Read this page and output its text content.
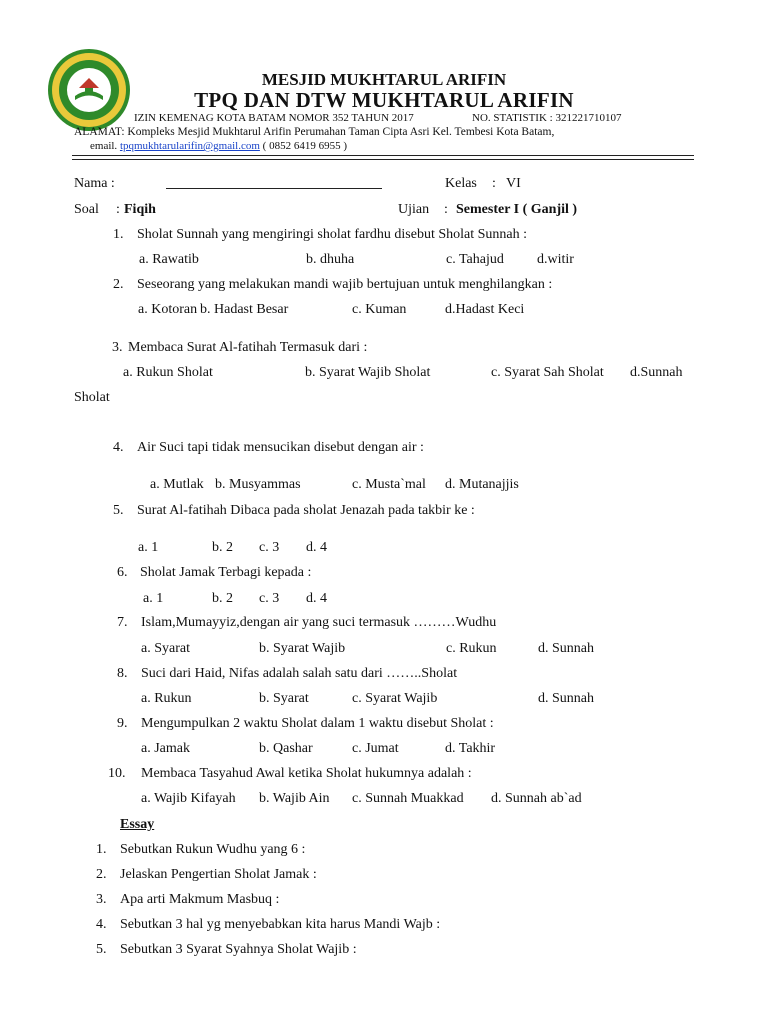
MESJID MUKHTARUL ARIFIN
TPQ DAN DTW MUKHTARUL ARIFIN
IZIN KEMENAG KOTA BATAM NOMOR 352 TAHUN 2017	NO. STATISTIK : 321221710107
ALAMAT: Kompleks Mesjid Mukhtarul Arifin Perumahan Taman Cipta Asri Kel. Tembesi Kota Batam,
email. tpqmukhtarularifin@gmail.com ( 0852 6419 6955 )
Nama :	Kelas : VI
Soal : Fiqih	Ujian : Semester I ( Ganjil )
1. Sholat Sunnah yang mengiringi sholat fardhu disebut Sholat Sunnah :
a. Rawatib	b. dhuha	c. Tahajud d.witir
2. Seseorang yang melakukan mandi wajib bertujuan untuk menghilangkan :
a. Kotoran b. Hadast Besar	c. Kuman	d.Hadast Keci
3. Membaca Surat Al-fatihah Termasuk dari :
a. Rukun Sholat	b. Syarat Wajib Sholat	c. Syarat Sah Sholat d.Sunnah
Sholat
4. Air Suci tapi tidak mensucikan disebut dengan air :
a. Mutlak b. Musyammas	c. Musta`mal d. Mutanajjis
5. Surat Al-fatihah Dibaca pada sholat Jenazah pada takbir ke :
a. 1	b. 2 c. 3 d. 4
6. Sholat Jamak Terbagi kepada :
a. 1	b. 2 c. 3 d. 4
7. Islam,Mumayyiz,dengan air yang suci termasuk ………Wudhu
a. Syarat	b. Syarat Wajib	c. Rukun	d. Sunnah
8. Suci dari Haid, Nifas adalah salah satu dari ……..Sholat
a. Rukun	b. Syarat	c. Syarat Wajib	d. Sunnah
9. Mengumpulkan 2 waktu Sholat dalam 1 waktu disebut Sholat :
a. Jamak	b. Qashar	c. Jumat	d. Takhir
10. Membaca Tasyahud Awal ketika Sholat hukumnya adalah :
a. Wajib Kifayah b. Wajib Ain c. Sunnah Muakkad d. Sunnah ab`ad
Essay
1. Sebutkan Rukun Wudhu yang 6 :
2. Jelaskan Pengertian Sholat Jamak :
3. Apa arti Makmum Masbuq :
4. Sebutkan 3 hal yg menyebabkan kita harus Mandi Wajb :
5. Sebutkan 3 Syarat Syahnya Sholat Wajib :
